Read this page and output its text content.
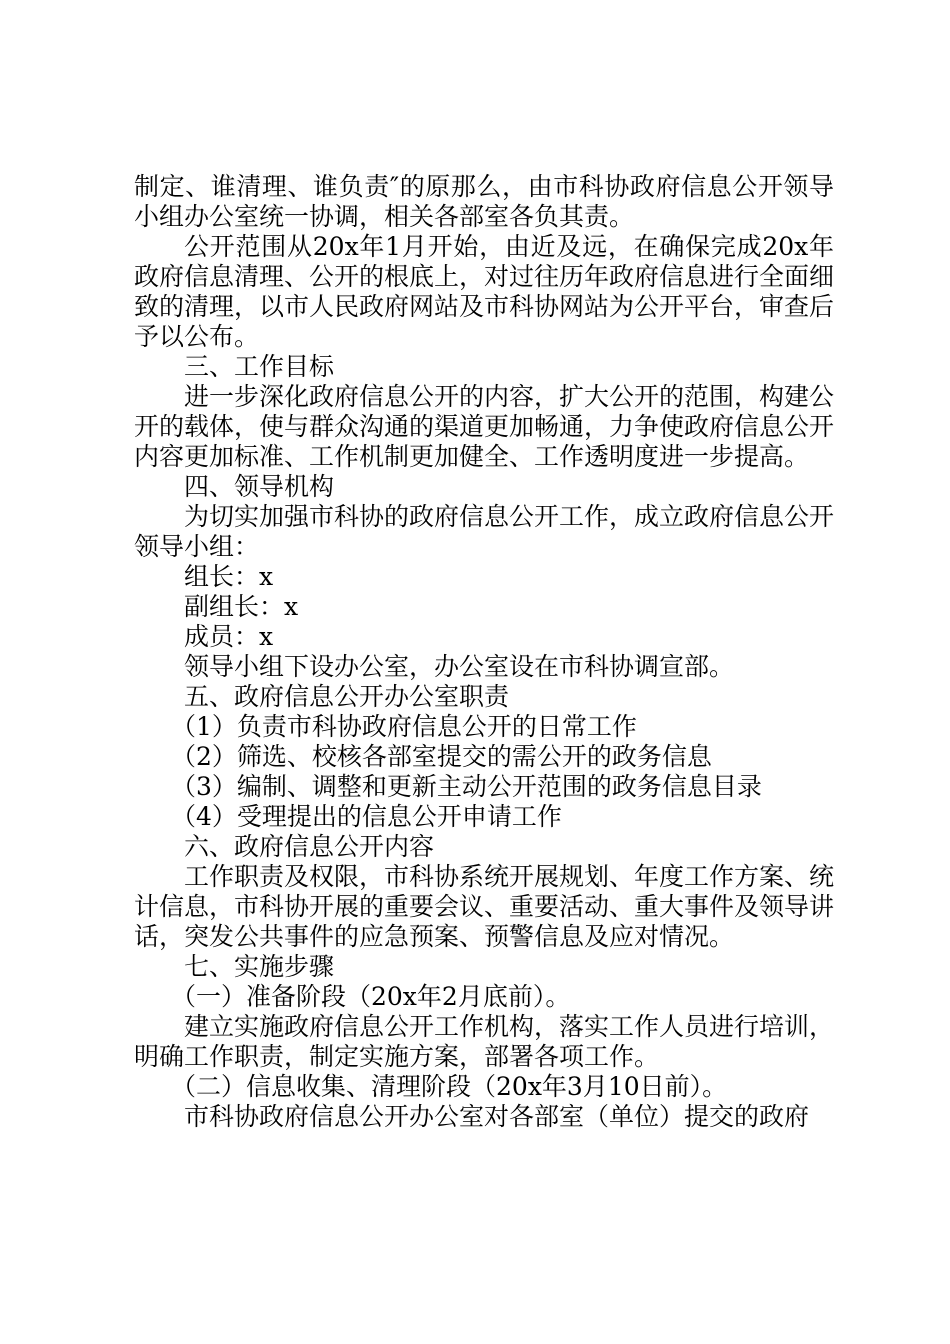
制定、谁清理、谁负责″的原那么，由市科协政府信息公开领导小组办公室统一协调，相关各部室各负其责。

公开范围从20x年1月开始，由近及远，在确保完成20x年政府信息清理、公开的根底上，对过往历年政府信息进行全面细致的清理，以市人民政府网站及市科协网站为公开平台，审查后予以公布。

三、工作目标

进一步深化政府信息公开的内容，扩大公开的范围，构建公开的载体，使与群众沟通的渠道更加畅通，力争使政府信息公开内容更加标准、工作机制更加健全、工作透明度进一步提高。

四、领导机构

为切实加强市科协的政府信息公开工作，成立政府信息公开领导小组：

组长：x

副组长：x

成员：x

领导小组下设办公室，办公室设在市科协调宣部。

五、政府信息公开办公室职责

（1）负责市科协政府信息公开的日常工作

（2）筛选、校核各部室提交的需公开的政务信息

（3）编制、调整和更新主动公开范围的政务信息目录

（4）受理提出的信息公开申请工作

六、政府信息公开内容

工作职责及权限，市科协系统开展规划、年度工作方案、统计信息，市科协开展的重要会议、重要活动、重大事件及领导讲话，突发公共事件的应急预案、预警信息及应对情况。

七、实施步骤

（一）准备阶段（20x年2月底前）。

建立实施政府信息公开工作机构，落实工作人员进行培训，明确工作职责，制定实施方案，部署各项工作。

（二）信息收集、清理阶段（20x年3月10日前）。

市科协政府信息公开办公室对各部室（单位）提交的政府
